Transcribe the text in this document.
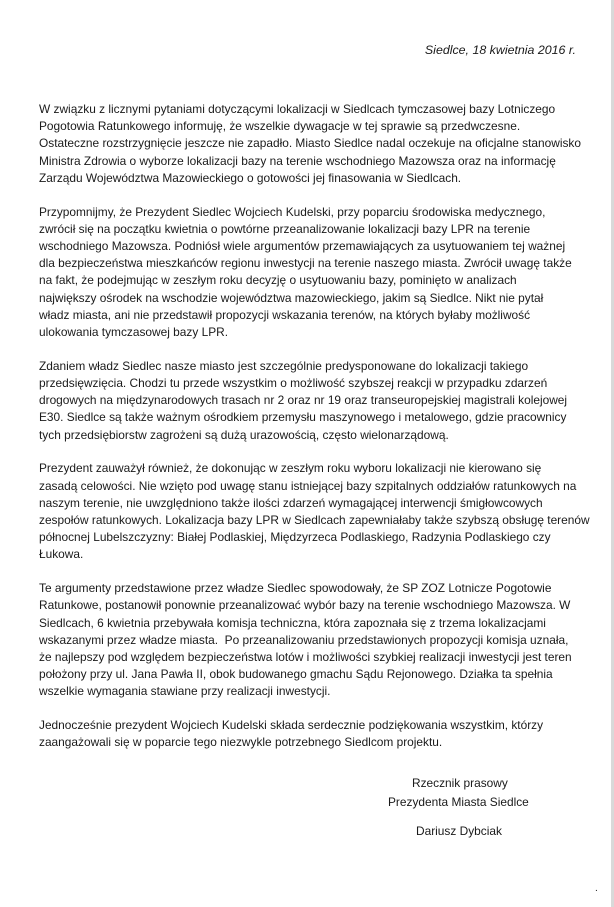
Siedlce, 18 kwietnia 2016 r.
W związku z licznymi pytaniami dotyczącymi lokalizacji w Siedlcach tymczasowej bazy Lotniczego
Pogotowia Ratunkowego informuję, że wszelkie dywagacje w tej sprawie są przedwczesne.
Ostateczne rozstrzygnięcie jeszcze nie zapadło. Miasto Siedlce nadal oczekuje na oficjalne stanowisko
Ministra Zdrowia o wyborze lokalizacji bazy na terenie wschodniego Mazowsza oraz na informację
Zarządu Województwa Mazowieckiego o gotowości jej finasowania w Siedlcach.
Przypomnijmy, że Prezydent Siedlec Wojciech Kudelski, przy poparciu środowiska medycznego,
zwrócił się na początku kwietnia o powtórne przeanalizowanie lokalizacji bazy LPR na terenie
wschodniego Mazowsza. Podniósł wiele argumentów przemawiających za usytuowaniem tej ważnej
dla bezpieczeństwa mieszkańców regionu inwestycji na terenie naszego miasta. Zwrócił uwagę także
na fakt, że podejmując w zeszłym roku decyzję o usytuowaniu bazy, pominięto w analizach
największy ośrodek na wschodzie województwa mazowieckiego, jakim są Siedlce. Nikt nie pytał
władz miasta, ani nie przedstawił propozycji wskazania terenów, na których byłaby możliwość
ulokowania tymczasowej bazy LPR.
Zdaniem władz Siedlec nasze miasto jest szczególnie predysponowane do lokalizacji takiego
przedsięwzięcia. Chodzi tu przede wszystkim o możliwość szybszej reakcji w przypadku zdarzeń
drogowych na międzynarodowych trasach nr 2 oraz nr 19 oraz transeuropejskiej magistrali kolejowej
E30. Siedlce są także ważnym ośrodkiem przemysłu maszynowego i metalowego, gdzie pracownicy
tych przedsiębiorstw zagrożeni są dużą urazowością, często wielonarządową.
Prezydent zauważył również, że dokonując w zeszłym roku wyboru lokalizacji nie kierowano się
zasadą celowości. Nie wzięto pod uwagę stanu istniejącej bazy szpitalnych oddziałów ratunkowych na
naszym terenie, nie uwzględniono także ilości zdarzeń wymagającej interwencji śmigłowcowych
zespołów ratunkowych. Lokalizacja bazy LPR w Siedlcach zapewniałaby także szybszą obsługę terenów
północnej Lubelszczyzny: Białej Podlaskiej, Międzyrzeca Podlaskiego, Radzynia Podlaskiego czy
Łukowa.
Te argumenty przedstawione przez władze Siedlec spowodowały, że SP ZOZ Lotnicze Pogotowie
Ratunkowe, postanowił ponownie przeanalizować wybór bazy na terenie wschodniego Mazowsza. W
Siedlcach, 6 kwietnia przebywała komisja techniczna, która zapoznała się z trzema lokalizacjami
wskazanymi przez władze miasta.  Po przeanalizowaniu przedstawionych propozycji komisja uznała,
że najlepszy pod względem bezpieczeństwa lotów i możliwości szybkiej realizacji inwestycji jest teren
położony przy ul. Jana Pawła II, obok budowanego gmachu Sądu Rejonowego. Działka ta spełnia
wszelkie wymagania stawiane przy realizacji inwestycji.
Jednocześnie prezydent Wojciech Kudelski składa serdecznie podziękowania wszystkim, którzy
zaangażowali się w poparcie tego niezwykle potrzebnego Siedlcom projektu.
Rzecznik prasowy
Prezydenta Miasta Siedlce
Dariusz Dybciak
.
